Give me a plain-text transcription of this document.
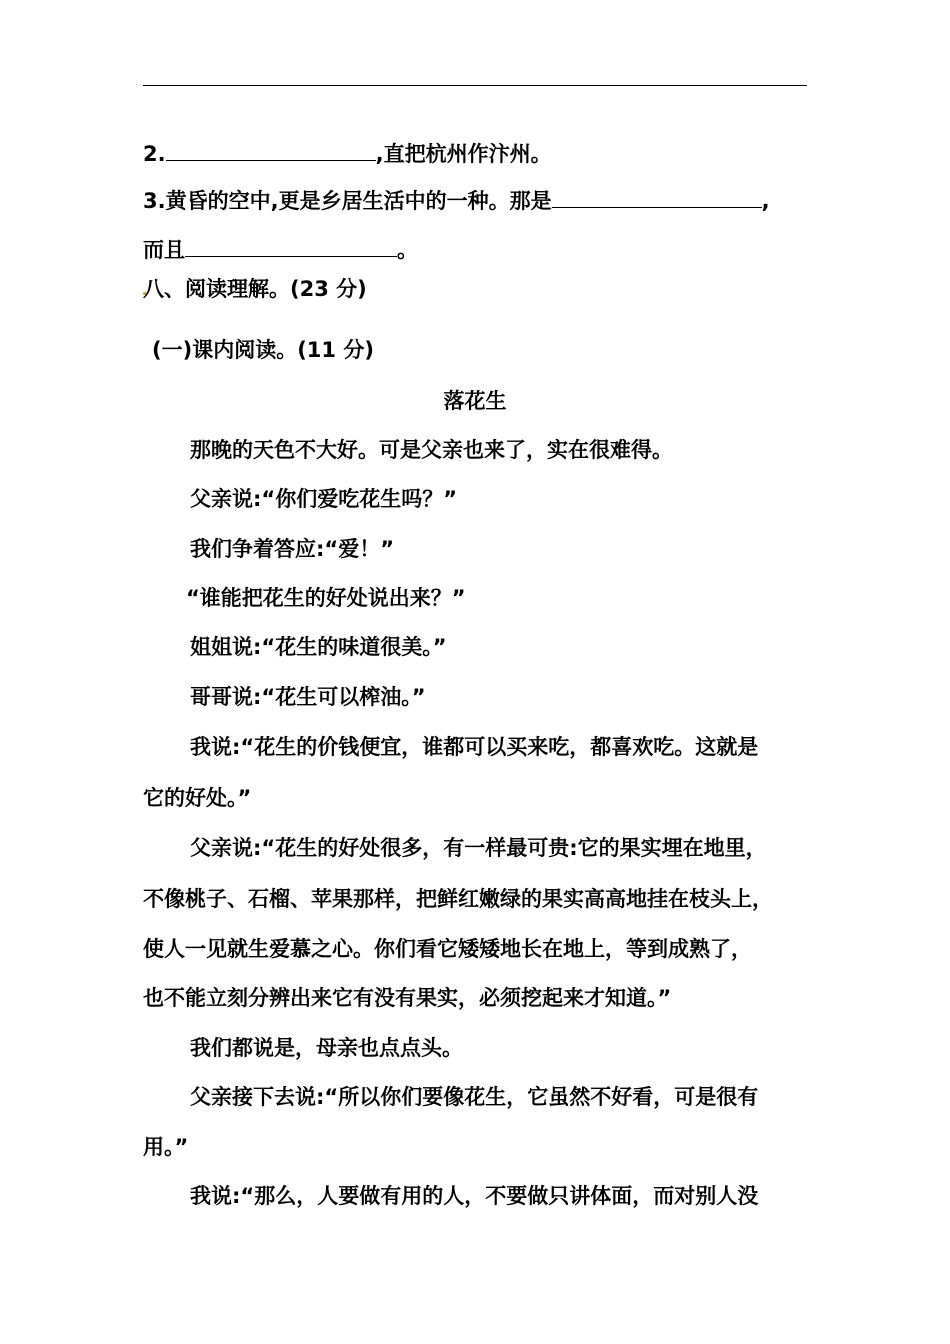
2.	,直把杭州作汴州。
3.黄昏的空中,更是乡居生活中的一种。那是	,
而且	。
八、阅读理解。(23 分)
(一)课内阅读。(11 分)
落花生
那晚的天色不大好。可是父亲也来了，实在很难得。
父亲说:“你们爱吃花生吗？”
我们争着答应:“爱！”
“谁能把花生的好处说出来？”
姐姐说:“花生的味道很美。”
哥哥说:“花生可以榨油。”
我说:“花生的价钱便宜，谁都可以买来吃，都喜欢吃。这就是
它的好处。”
父亲说:“花生的好处很多，有一样最可贵:它的果实埋在地里，
不像桃子、石榴、苹果那样，把鲜红嫩绿的果实高高地挂在枝头上，
使人一见就生爱慕之心。你们看它矮矮地长在地上，等到成熟了，
也不能立刻分辨出来它有没有果实，必须挖起来才知道。”
我们都说是，母亲也点点头。
父亲接下去说:“所以你们要像花生，它虽然不好看，可是很有
用。”
我说:“那么，人要做有用的人，不要做只讲体面，而对别人没
